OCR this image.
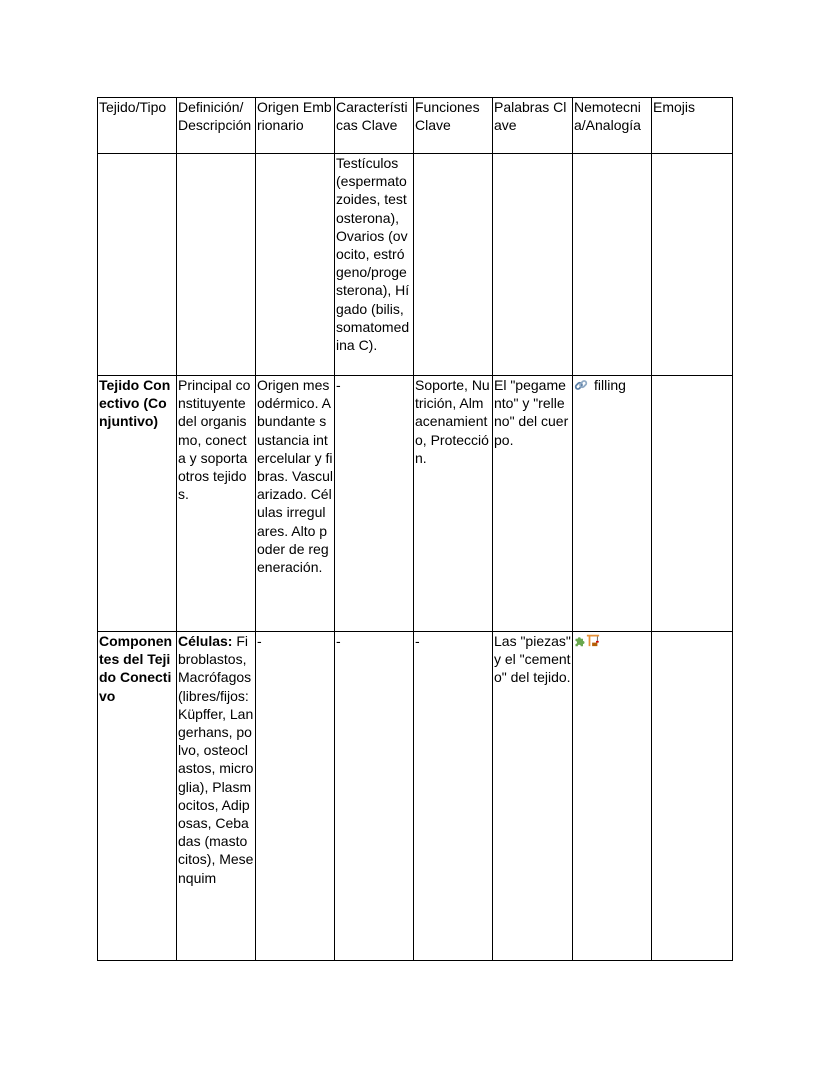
Tejido/Tipo	Definición/ Descripción	Origen Embrionario	Características Clave	Funciones Clave	Palabras Clave	Nemotecnia/Analogía	Emojis
			Testículos (espermatozoides, testosterona), Ovarios (ovocito, estrógeno/progesterona), Hígado (bilis, somatomedina C).				
Tejido Conectivo (Conjuntivo)	Principal constituyente del organismo, conecta y soporta otros tejidos.	Origen mesodérmico. Abundante sustancia intercelular y fibras. Vascularizado. Células irregulares. Alto poder de regeneración.	-	Soporte, Nutrición, Almacenamiento, Protección.	El "pegamento" y "relleno" del cuerpo.	filling	
Componentes del Tejido Conectivo	Células: Fibroblastos, Macrófagos (libres/fijos: Küpffer, Langerhans, polvo, osteoclastos, microglia), Plasmocitos, Adiposas, Cebadas (mastocitos), Mesenquim	-	-	-	Las "piezas" y el "cemento" del tejido.		
